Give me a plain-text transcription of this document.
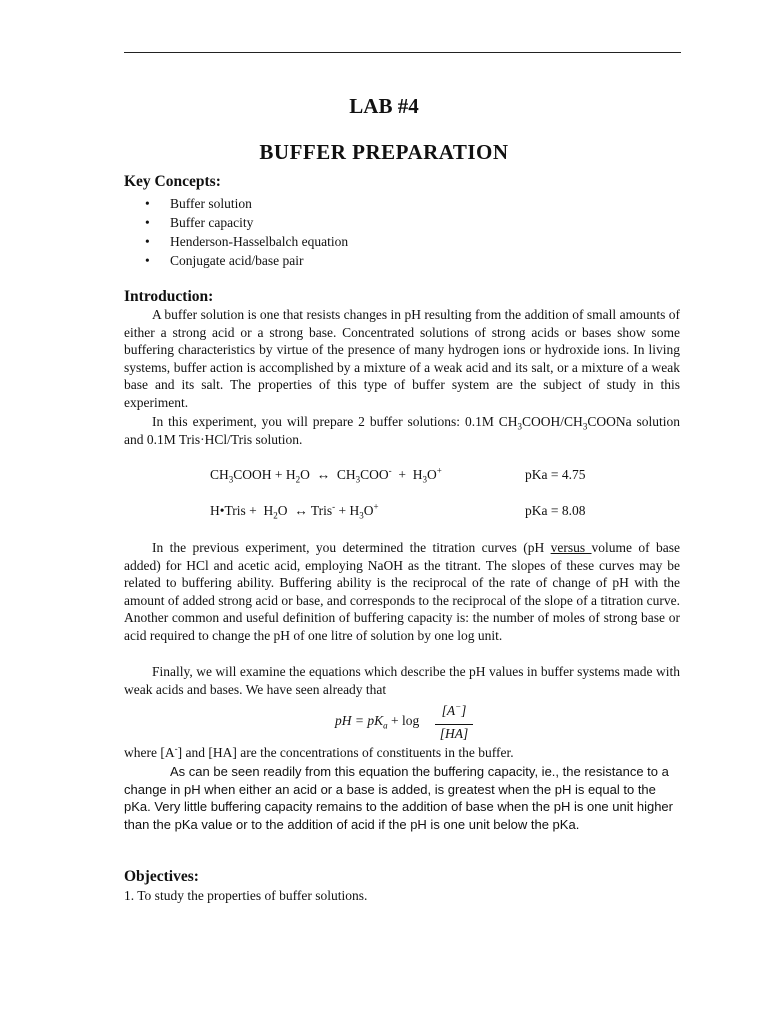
LAB #4
BUFFER PREPARATION
Key Concepts:
• Buffer solution
• Buffer capacity
• Henderson-Hasselbalch equation
• Conjugate acid/base pair
Introduction:
A buffer solution is one that resists changes in pH resulting from the addition of small amounts of either a strong acid or a strong base. Concentrated solutions of strong acids or bases show some buffering characteristics by virtue of the presence of many hydrogen ions or hydroxide ions. In living systems, buffer action is accomplished by a mixture of a weak acid and its salt, or a mixture of a weak base and its salt. The properties of this type of buffer system are the subject of study in this experiment.
In this experiment, you will prepare 2 buffer solutions: 0.1M $CH_3COOH/CH_3COONa$ solution and 0.1M Tris·HCl/Tris solution.
$CH_3COOH + H_2O$  ↔  $CH_3COO^- + H_3O^+$	pKa = 4.75
H•Tris +  $H_2O$  ↔ Tris- + $H_3O^+$	pKa = 8.08
In the previous experiment, you determined the titration curves (pH versus volume of base added) for HCl and acetic acid, employing NaOH as the titrant. The slopes of these curves may be related to buffering ability. Buffering ability is the reciprocal of the rate of change of pH with the amount of added strong acid or base, and corresponds to the reciprocal of the slope of a titration curve. Another common and useful definition of buffering capacity is: the number of moles of strong base or acid required to change the pH of one litre of solution by one log unit.
Finally, we will examine the equations which describe the pH values in buffer systems made with weak acids and bases. We have seen already that
pH = $pK_a + \log$
[A−]
[HA]
where [A-] and [HA] are the concentrations of constituents in the buffer.
As can be seen readily from this equation the buffering capacity, ie., the resistance to a change in pH when either an acid or a base is added, is greatest when the pH is equal to the pKa. Very little buffering capacity remains to the addition of base when the pH is one unit higher than the pKa value or to the addition of acid if the pH is one unit below the pKa.
Objectives:
1. To study the properties of buffer solutions.
